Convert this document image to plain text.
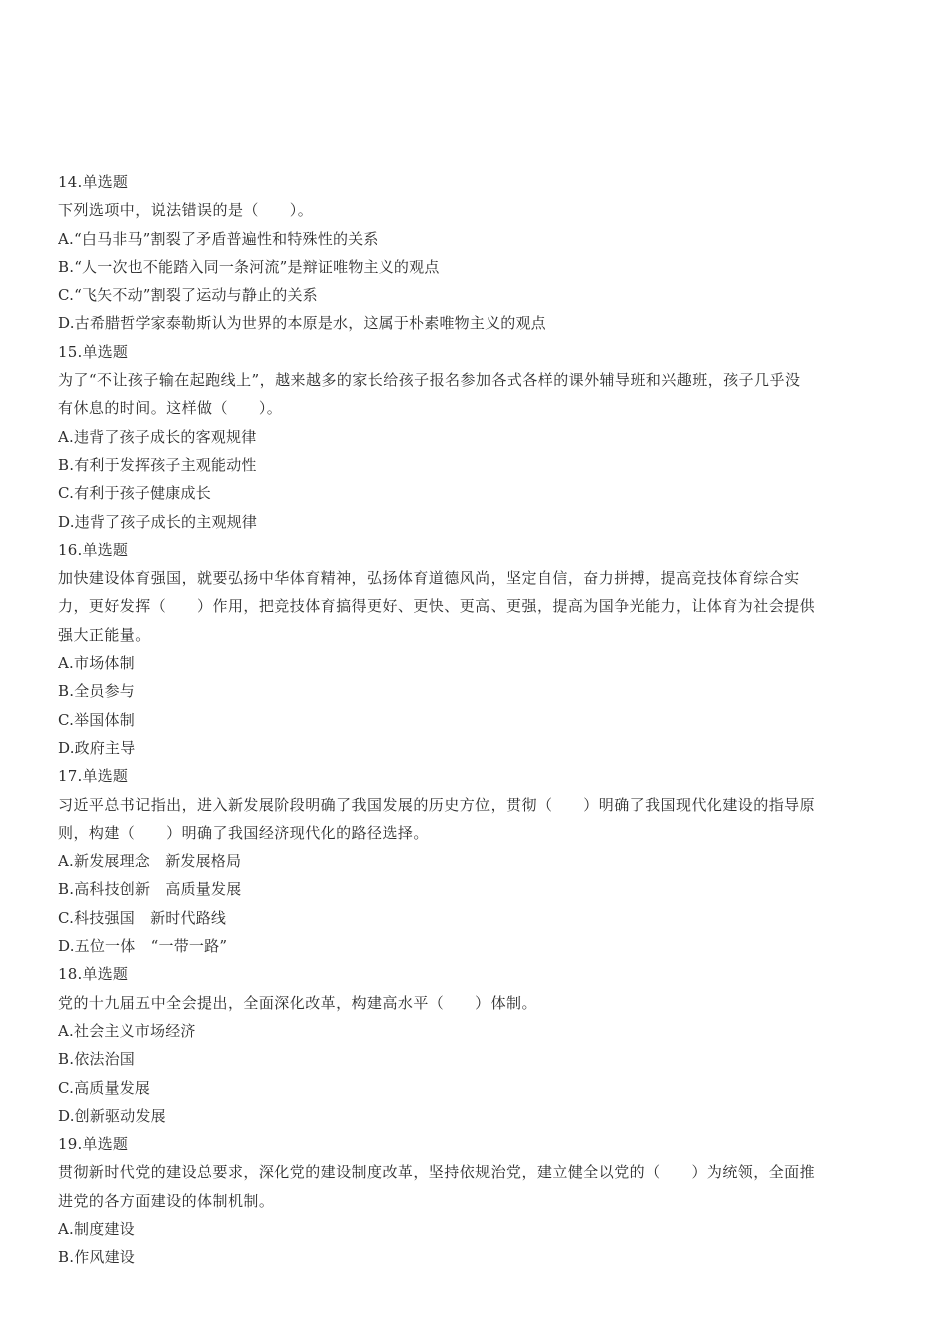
14.单选题
下列选项中，说法错误的是（　　）。
A.“白马非马”割裂了矛盾普遍性和特殊性的关系
B.“人一次也不能踏入同一条河流”是辩证唯物主义的观点
C.“飞矢不动”割裂了运动与静止的关系
D.古希腊哲学家泰勒斯认为世界的本原是水，这属于朴素唯物主义的观点
15.单选题
为了“不让孩子输在起跑线上”，越来越多的家长给孩子报名参加各式各样的课外辅导班和兴趣班，孩子几乎没
有休息的时间。这样做（　　）。
A.违背了孩子成长的客观规律
B.有利于发挥孩子主观能动性
C.有利于孩子健康成长
D.违背了孩子成长的主观规律
16.单选题
加快建设体育强国，就要弘扬中华体育精神，弘扬体育道德风尚，坚定自信，奋力拼搏，提高竞技体育综合实
力，更好发挥（　　）作用，把竞技体育搞得更好、更快、更高、更强，提高为国争光能力，让体育为社会提供
强大正能量。
A.市场体制
B.全员参与
C.举国体制
D.政府主导
17.单选题
习近平总书记指出，进入新发展阶段明确了我国发展的历史方位，贯彻（　　）明确了我国现代化建设的指导原
则，构建（　　）明确了我国经济现代化的路径选择。
A.新发展理念　新发展格局
B.高科技创新　高质量发展
C.科技强国　新时代路线
D.五位一体　“一带一路”
18.单选题
党的十九届五中全会提出，全面深化改革，构建高水平（　　）体制。
A.社会主义市场经济
B.依法治国
C.高质量发展
D.创新驱动发展
19.单选题
贯彻新时代党的建设总要求，深化党的建设制度改革，坚持依规治党，建立健全以党的（　　）为统领，全面推
进党的各方面建设的体制机制。
A.制度建设
B.作风建设
